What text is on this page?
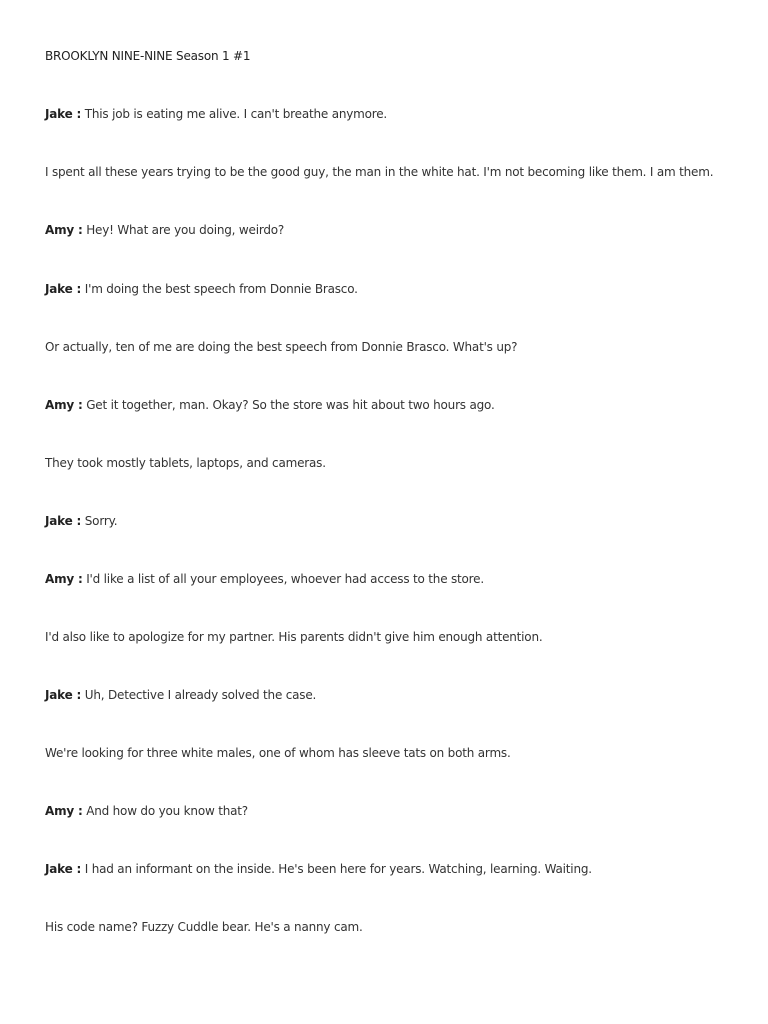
BROOKLYN NINE-NINE Season 1 #1
Jake : This job is eating me alive. I can't breathe anymore.
I spent all these years trying to be the good guy, the man in the white hat. I'm not becoming like them. I am them.
Amy : Hey! What are you doing, weirdo?
Jake : I'm doing the best speech from Donnie Brasco.
Or actually, ten of me are doing the best speech from Donnie Brasco. What's up?
Amy : Get it together, man. Okay? So the store was hit about two hours ago.
They took mostly tablets, laptops, and cameras.
Jake : Sorry.
Amy : I'd like a list of all your employees, whoever had access to the store.
I'd also like to apologize for my partner. His parents didn't give him enough attention.
Jake : Uh, Detective I already solved the case.
We're looking for three white males, one of whom has sleeve tats on both arms.
Amy : And how do you know that?
Jake : I had an informant on the inside. He's been here for years. Watching, learning. Waiting.
His code name? Fuzzy Cuddle bear. He's a nanny cam.
